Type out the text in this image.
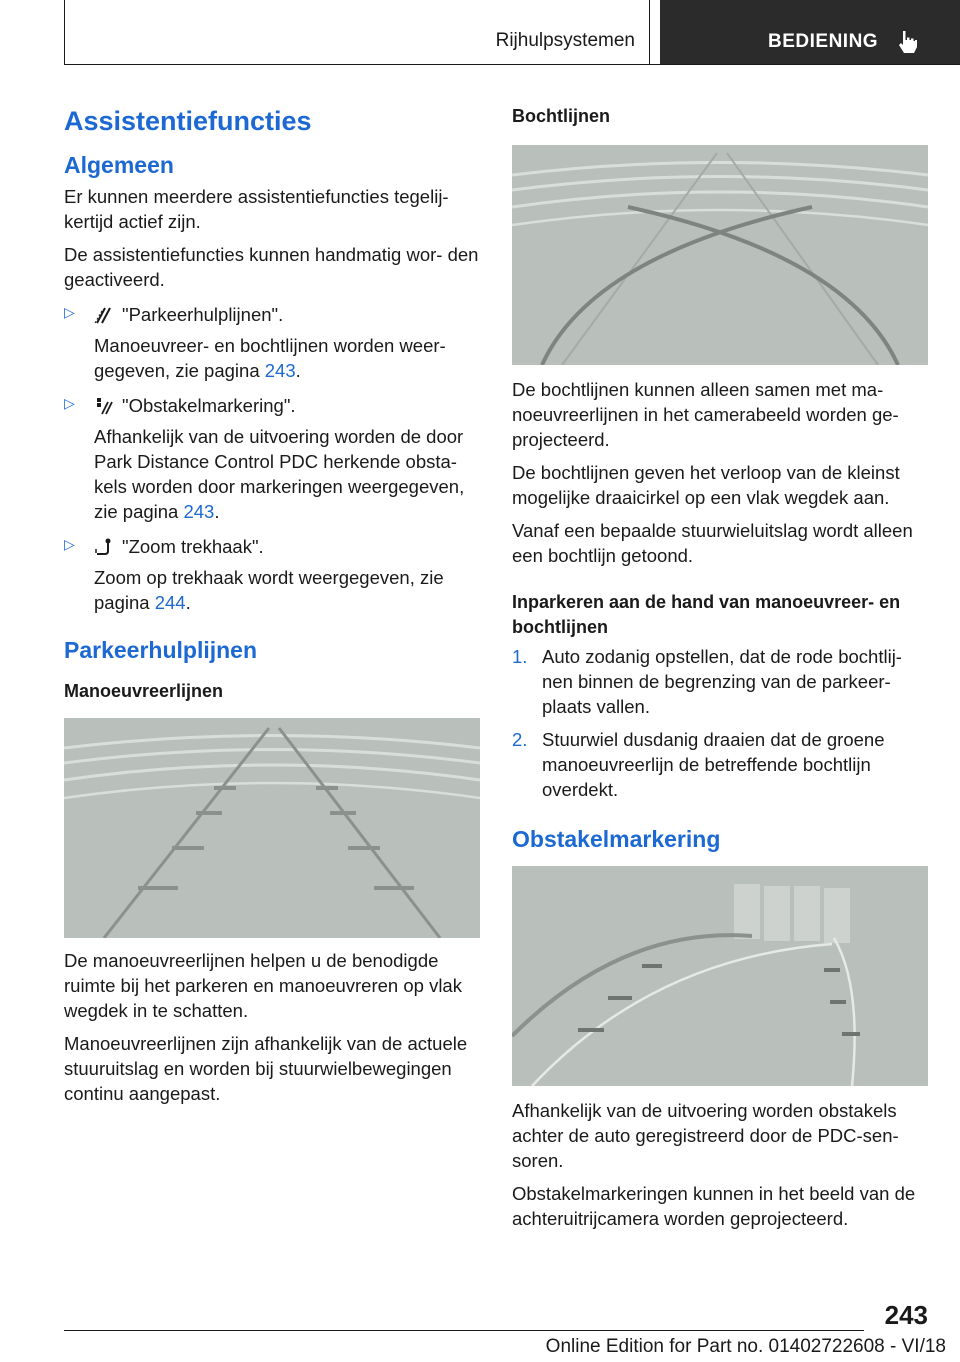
Rijhulpsystemen	BEDIENING
Assistentiefuncties
Algemeen

Er kunnen meerdere assistentiefuncties tegelij‐ kertijd actief zijn.

De assistentiefuncties kunnen handmatig wor‐ den geactiveerd.

▷	"Parkeerhulplijnen".

Manoeuvreer- en bochtlijnen worden weer‐ gegeven, zie pagina 243.

▷	"Obstakelmarkering".

Afhankelijk van de uitvoering worden de door Park Distance Control PDC herkende obsta‐ kels worden door markeringen weergegeven, zie pagina 243.

▷	"Zoom trekhaak".

Zoom op trekhaak wordt weergegeven, zie pagina 244.

Parkeerhulplijnen
Manoeuvreerlijnen

De manoeuvreerlijnen helpen u de benodigde ruimte bij het parkeren en manoeuvreren op vlak wegdek in te schatten.

Manoeuvreerlijnen zijn afhankelijk van de actuele stuuruitslag en worden bij stuurwielbewegingen continu aangepast.

Bochtlijnen

De bochtlijnen kunnen alleen samen met ma‐ noeuvreerlijnen in het camerabeeld worden ge‐ projecteerd.

De bochtlijnen geven het verloop van de kleinst mogelijke draaicirkel op een vlak wegdek aan.

Vanaf een bepaalde stuurwieluitslag wordt alleen een bochtlijn getoond.

Inparkeren aan de hand van manoeuvreer‐ en bochtlijnen
1. Auto zodanig opstellen, dat de rode bochtlij‐ nen binnen de begrenzing van de parkeer‐ plaats vallen.
2. Stuurwiel dusdanig draaien dat de groene manoeuvreerlijn de betreffende bochtlijn overdekt.
Obstakelmarkering

Afhankelijk van de uitvoering worden obstakels achter de auto geregistreerd door de PDC-sen‐ soren.

Obstakelmarkeringen kunnen in het beeld van de achteruitrijcamera worden geprojecteerd.

243
Online Edition for Part no. 01402722608 - VI/18
